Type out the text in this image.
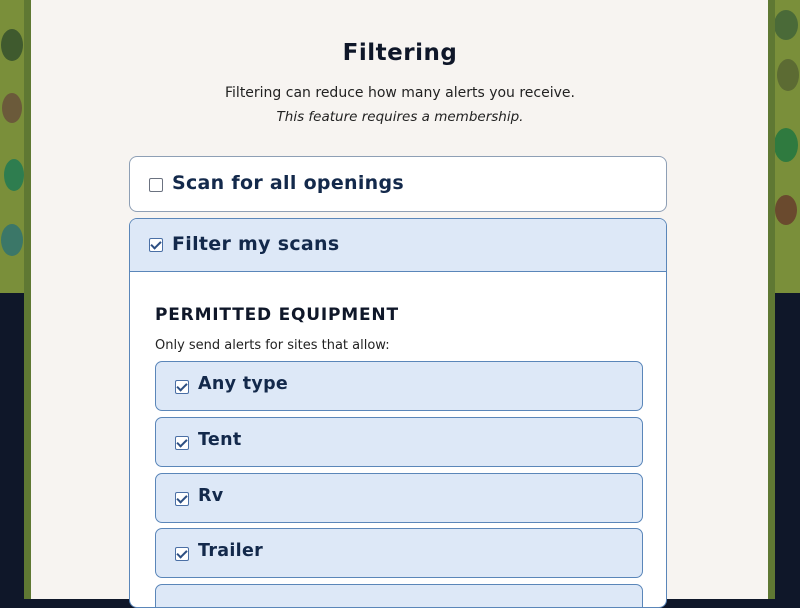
Filtering
Filtering can reduce how many alerts you receive.
This feature requires a membership.
Scan for all openings
Filter my scans
PERMITTED EQUIPMENT
Only send alerts for sites that allow:
Any type
Tent
Rv
Trailer
